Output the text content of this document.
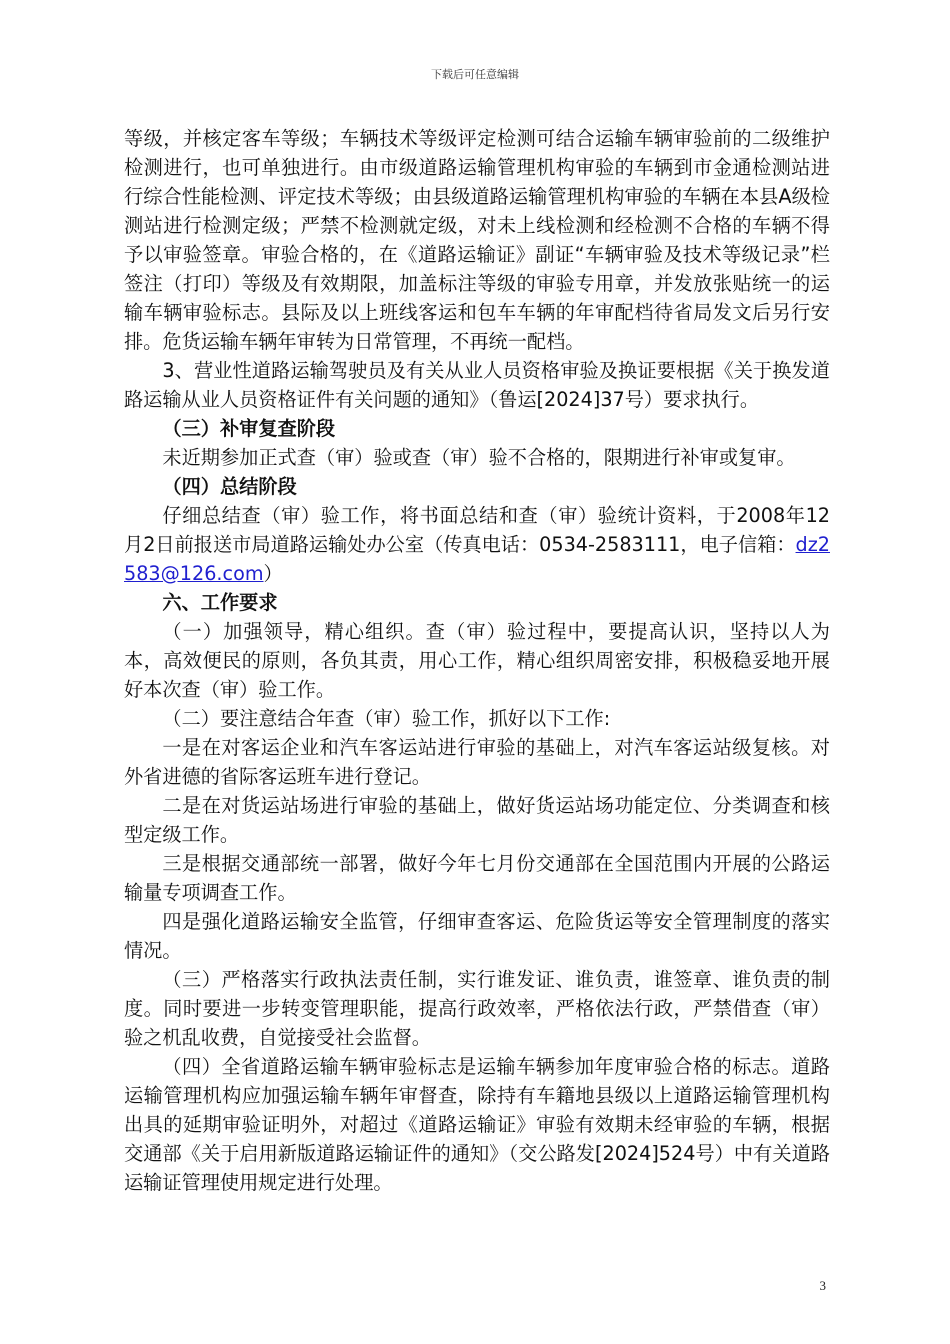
下载后可任意编辑

等级，并核定客车等级；车辆技术等级评定检测可结合运输车辆审验前的二级维护检测进行，也可单独进行。由市级道路运输管理机构审验的车辆到市金通检测站进行综合性能检测、评定技术等级；由县级道路运输管理机构审验的车辆在本县A级检测站进行检测定级；严禁不检测就定级，对未上线检测和经检测不合格的车辆不得予以审验签章。审验合格的，在《道路运输证》副证“车辆审验及技术等级记录”栏签注（打印）等级及有效期限，加盖标注等级的审验专用章，并发放张贴统一的运输车辆审验标志。县际及以上班线客运和包车车辆的年审配档待省局发文后另行安排。危货运输车辆年审转为日常管理，不再统一配档。

3、营业性道路运输驾驶员及有关从业人员资格审验及换证要根据《关于换发道路运输从业人员资格证件有关问题的通知》（鲁运[2024]37号）要求执行。

（三）补审复查阶段

未近期参加正式查（审）验或查（审）验不合格的，限期进行补审或复审。

（四）总结阶段

仔细总结查（审）验工作，将书面总结和查（审）验统计资料，于2008年12月2日前报送市局道路运输处办公室（传真电话：0534-2583111，电子信箱：dz2583@126.com）

六、工作要求

（一）加强领导，精心组织。查（审）验过程中，要提高认识，坚持以人为本，高效便民的原则，各负其责，用心工作，精心组织周密安排，积极稳妥地开展好本次查（审）验工作。

（二）要注意结合年查（审）验工作，抓好以下工作:

一是在对客运企业和汽车客运站进行审验的基础上，对汽车客运站级复核。对外省进德的省际客运班车进行登记。

二是在对货运站场进行审验的基础上，做好货运站场功能定位、分类调查和核型定级工作。

三是根据交通部统一部署，做好今年七月份交通部在全国范围内开展的公路运输量专项调查工作。

四是强化道路运输安全监管，仔细审查客运、危险货运等安全管理制度的落实情况。

（三）严格落实行政执法责任制，实行谁发证、谁负责，谁签章、谁负责的制度。同时要进一步转变管理职能，提高行政效率，严格依法行政，严禁借查（审）验之机乱收费，自觉接受社会监督。

（四）全省道路运输车辆审验标志是运输车辆参加年度审验合格的标志。道路运输管理机构应加强运输车辆年审督查，除持有车籍地县级以上道路运输管理机构出具的延期审验证明外，对超过《道路运输证》审验有效期未经审验的车辆，根据交通部《关于启用新版道路运输证件的通知》（交公路发[2024]524号）中有关道路运输证管理使用规定进行处理。

3
